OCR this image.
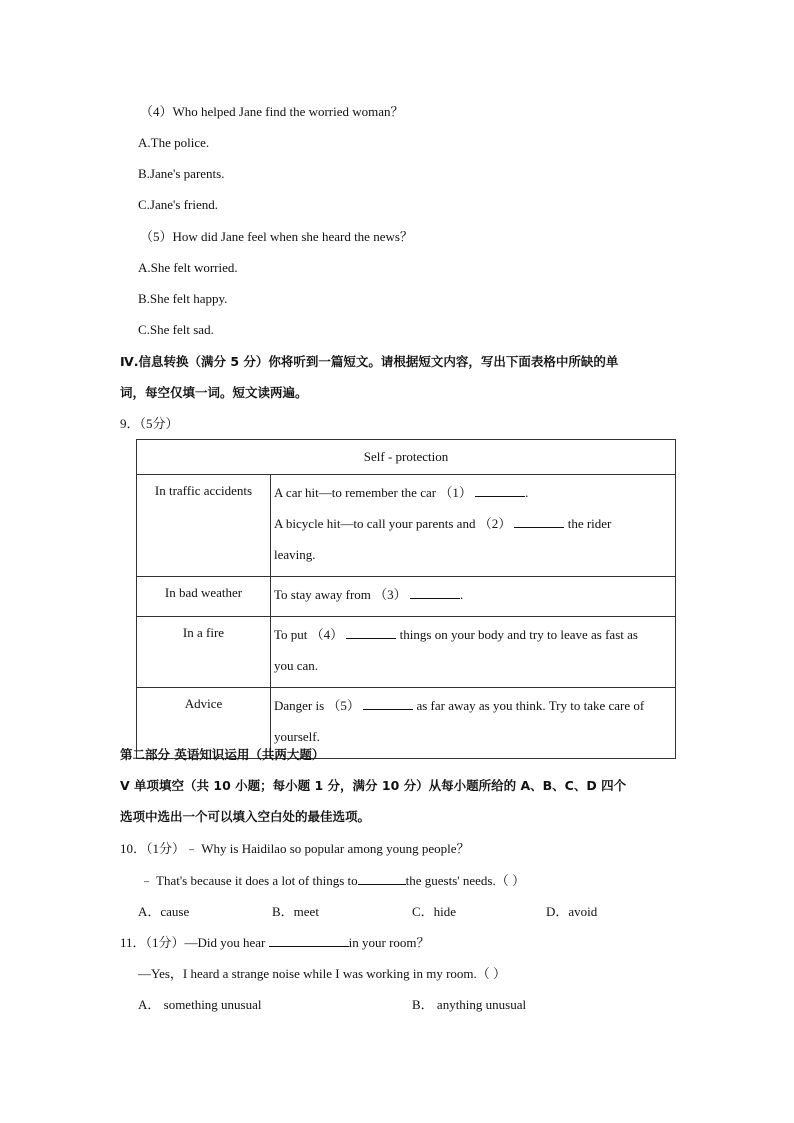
（4）Who helped Jane find the worried woman？
A.The police.
B.Jane's parents.
C.Jane's friend.
（5）How did Jane feel when she heard the news？
A.She felt worried.
B.She felt happy.
C.She felt sad.
Ⅳ.信息转换（满分 5 分）你将听到一篇短文。请根据短文内容，写出下面表格中所缺的单
词，每空仅填一词。短文读两遍。
9．（5分）
Self - protection	
In traffic accidents	A car hit—to remember the car （1） .
A bicycle hit—to call your parents and （2） the rider
leaving.

In bad weather	To stay away from （3） .

In a fire	To put （4） things on your body and try to leave as fast as
you can.

Advice	Danger is （5） as far away as you think. Try to take care of
yourself.
第二部分 英语知识运用（共两大题）
V 单项填空（共 10 小题；每小题 1 分，满分 10 分）从每小题所给的 A、B、C、D 四个
选项中选出一个可以填入空白处的最佳选项。
10．（1分）﹣ Why is Haidilao so popular among young people？
﹣ That's because it does a lot of things to	the guests' needs.（ ）
A．cause	B．meet	C．hide	D．avoid
11．（1分）—Did you hear	in your room？
—Yes，I heard a strange noise while I was working in my room.（ ）
A． something unusual	B． anything unusual
